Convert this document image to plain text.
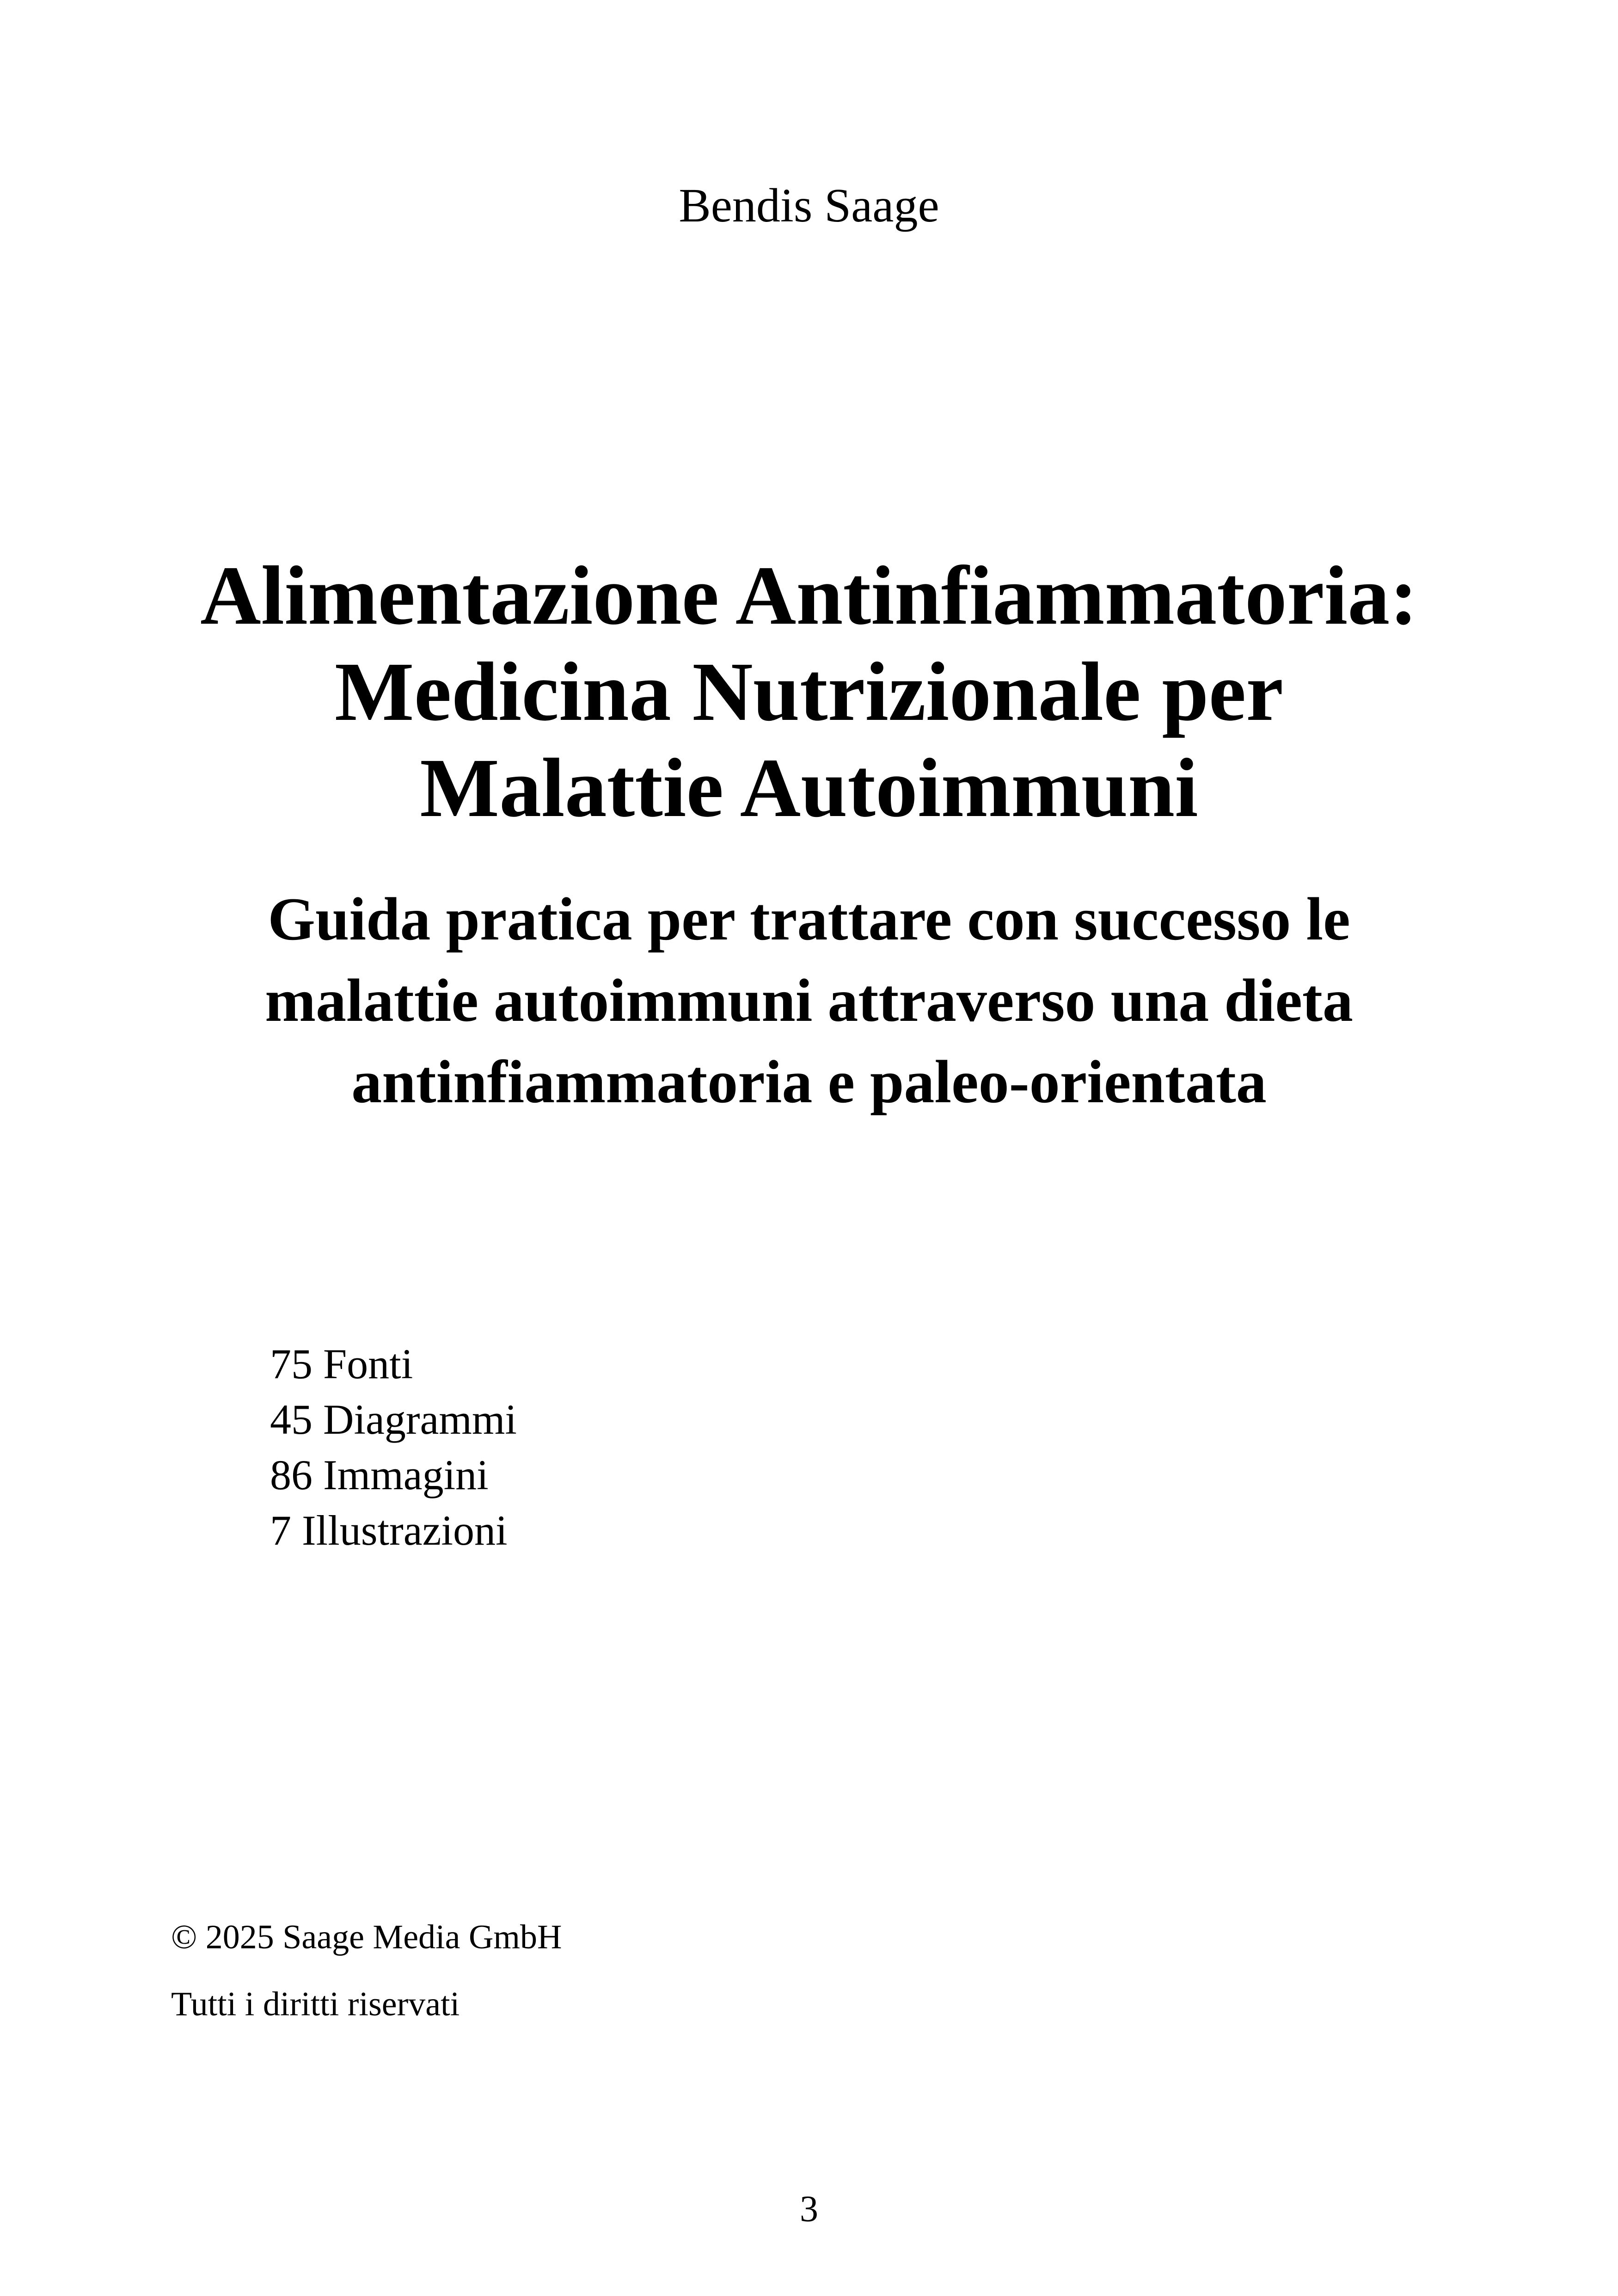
Bendis Saage
Alimentazione Antinfiammatoria:
Medicina Nutrizionale per
Malattie Autoimmuni
Guida pratica per trattare con successo le
malattie autoimmuni attraverso una dieta
antinfiammatoria e paleo-orientata
75 Fonti
45 Diagrammi
86 Immagini
7 Illustrazioni
© 2025 Saage Media GmbH
Tutti i diritti riservati
3
